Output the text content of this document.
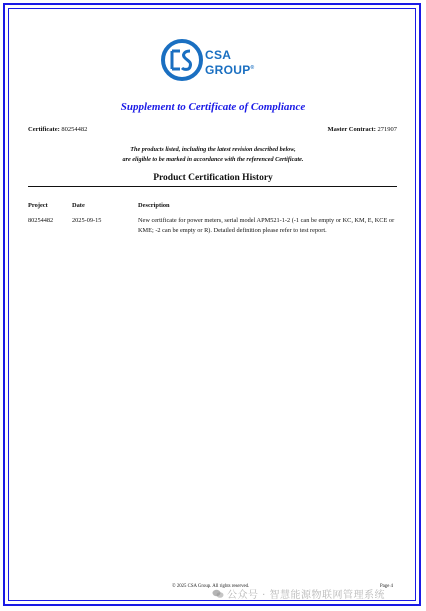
CSA
GROUP®
Supplement to Certificate of Compliance
Certificate: 80254482	Master Contract: 271907
The products listed, including the latest revision described below,
are eligible to be marked in accordance with the referenced Certificate.
Product Certification History
Project	Date	Description
80254482	2025-09-15	New certificate for power meters, serial model APM521-1-2 (-1 can be empty or KC, KM, E, KCE or KME; -2 can be empty or R). Detailed definition please refer to test report.
© 2025 CSA Group. All rights reserved.	Page 4
公众号 · 智慧能源物联网管理系统
